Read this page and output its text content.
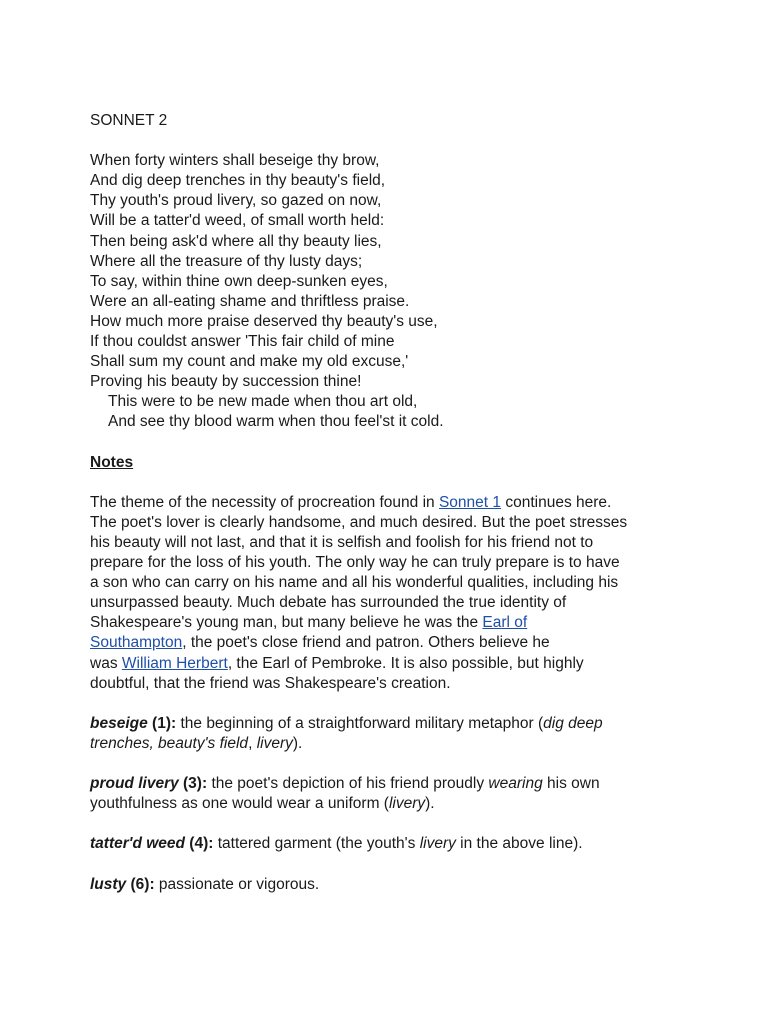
SONNET 2
When forty winters shall beseige thy brow,
And dig deep trenches in thy beauty's field,
Thy youth's proud livery, so gazed on now,
Will be a tatter'd weed, of small worth held:
Then being ask'd where all thy beauty lies,
Where all the treasure of thy lusty days;
To say, within thine own deep-sunken eyes,
Were an all-eating shame and thriftless praise.
How much more praise deserved thy beauty's use,
If thou couldst answer 'This fair child of mine
Shall sum my count and make my old excuse,'
Proving his beauty by succession thine!
This were to be new made when thou art old,
And see thy blood warm when thou feel'st it cold.
Notes
The theme of the necessity of procreation found in Sonnet 1 continues here.
The poet's lover is clearly handsome, and much desired. But the poet stresses
his beauty will not last, and that it is selfish and foolish for his friend not to
prepare for the loss of his youth. The only way he can truly prepare is to have
a son who can carry on his name and all his wonderful qualities, including his
unsurpassed beauty. Much debate has surrounded the true identity of
Shakespeare's young man, but many believe he was the Earl of
Southampton, the poet's close friend and patron. Others believe he
was William Herbert, the Earl of Pembroke. It is also possible, but highly
doubtful, that the friend was Shakespeare's creation.
beseige (1): the beginning of a straightforward military metaphor (dig deep
trenches, beauty's field, livery).
proud livery (3): the poet's depiction of his friend proudly wearing his own
youthfulness as one would wear a uniform (livery).
tatter'd weed (4): tattered garment (the youth's livery in the above line).
lusty (6): passionate or vigorous.
